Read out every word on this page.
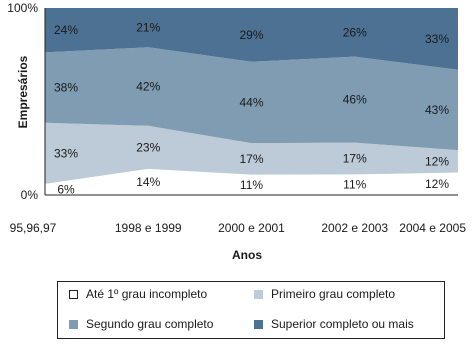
0%
100%
95,96,97	1998 e 1999	2000 e 2001	2002 e 2003 2004 e 2005
6%
14%	11%	11%	12%
33%	23%
17%	17%	12%
38%	42%
44%	46%
43%
24%	21%
29%	26%	33%
Anos
Empresários
Até 1º grau incompleto	Primeiro grau completo
Segundo grau completo	Superior completo ou mais
